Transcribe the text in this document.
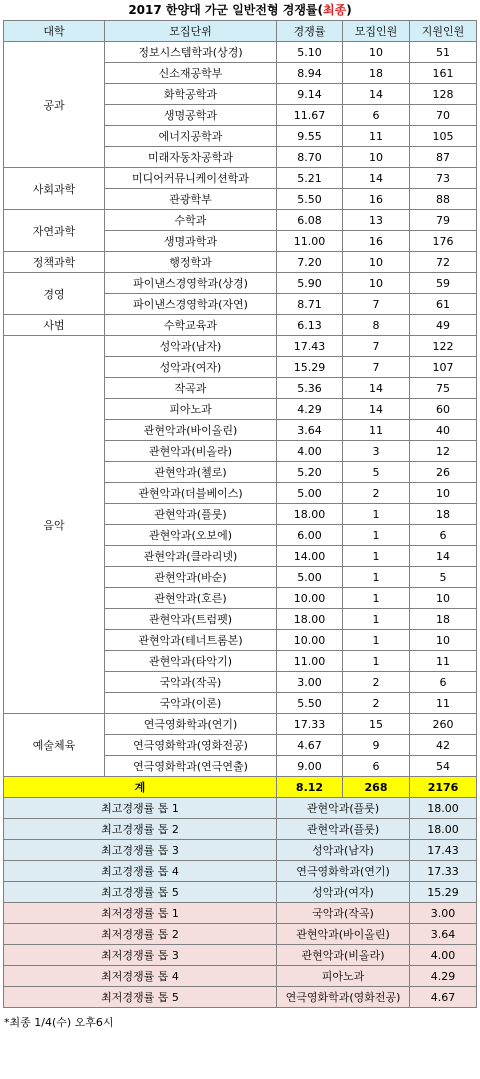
2017 한양대 가군 일반전형 경쟁률(최종)
대학	모집단위	경쟁률	모집인원	지원인원
공과	정보시스템학과(상경)	5.10	10	51
	신소재공학부	8.94	18	161
	화학공학과	9.14	14	128
	생명공학과	11.67	6	70
	에너지공학과	9.55	11	105
	미래자동차공학과	8.70	10	87
사회과학	미디어커뮤니케이션학과	5.21	14	73
	관광학부	5.50	16	88
자연과학	수학과	6.08	13	79
	생명과학과	11.00	16	176
정책과학	행정학과	7.20	10	72
경영	파이낸스경영학과(상경)	5.90	10	59
	파이낸스경영학과(자연)	8.71	7	61
사범	수학교육과	6.13	8	49
음악	성악과(남자)	17.43	7	122
	성악과(여자)	15.29	7	107
	작곡과	5.36	14	75
	피아노과	4.29	14	60
	관현악과(바이올린)	3.64	11	40
	관현악과(비올라)	4.00	3	12
	관현악과(첼로)	5.20	5	26
	관현악과(더블베이스)	5.00	2	10
	관현악과(플룻)	18.00	1	18
	관현악과(오보에)	6.00	1	6
	관현악과(클라리넷)	14.00	1	14
	관현악과(바순)	5.00	1	5
	관현악과(호른)	10.00	1	10
	관현악과(트럼펫)	18.00	1	18
	관현악과(테너트롬본)	10.00	1	10
	관현악과(타악기)	11.00	1	11
	국악과(작곡)	3.00	2	6
	국악과(이론)	5.50	2	11
예술체육	연극영화학과(연기)	17.33	15	260
	연극영화학과(영화전공)	4.67	9	42
	연극영화학과(연극연출)	9.00	6	54
계		8.12	268	2176
최고경쟁률 톱 1		관현악과(플룻)		18.00
최고경쟁률 톱 2		관현악과(플룻)		18.00
최고경쟁률 톱 3		성악과(남자)		17.43
최고경쟁률 톱 4		연극영화학과(연기)		17.33
최고경쟁률 톱 5		성악과(여자)		15.29
최저경쟁률 톱 1		국악과(작곡)		3.00
최저경쟁률 톱 2		관현악과(바이올린)		3.64
최저경쟁률 톱 3		관현악과(비올라)		4.00
최저경쟁률 톱 4		피아노과		4.29
최저경쟁률 톱 5		연극영화학과(영화전공)		4.67
*최종 1/4(수) 오후6시
